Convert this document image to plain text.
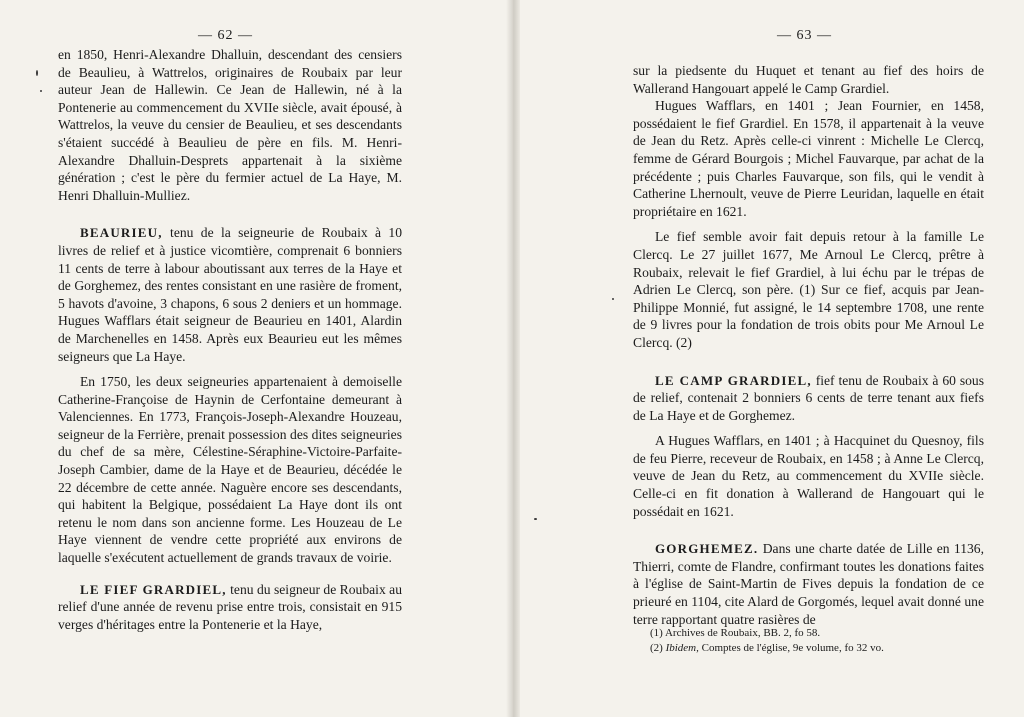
— 62 —

en 1850, Henri-Alexandre Dhalluin, descendant des censiers de Beaulieu, à Wattrelos, originaires de Roubaix par leur auteur Jean de Hallewin. Ce Jean de Hallewin, né à la Pontenerie au commencement du XVIIe siècle, avait épousé, à Wattrelos, la veuve du censier de Beaulieu, et ses descendants s'étaient succédé à Beaulieu de père en fils. M. Henri-Alexandre Dhalluin-Desprets appartenait à la sixième génération ; c'est le père du fermier actuel de La Haye, M. Henri Dhalluin-Mulliez.

BEAURIEU, tenu de la seigneurie de Roubaix à 10 livres de relief et à justice vicomtière, comprenait 6 bonniers 11 cents de terre à labour aboutissant aux terres de la Haye et de Gorghemez, des rentes consistant en une rasière de froment, 5 havots d'avoine, 3 chapons, 6 sous 2 deniers et un hommage. Hugues Wafflars était seigneur de Beaurieu en 1401, Alardin de Marchenelles en 1458. Après eux Beaurieu eut les mêmes seigneurs que La Haye.

En 1750, les deux seigneuries appartenaient à demoiselle Catherine-Françoise de Haynin de Cerfontaine demeurant à Valenciennes. En 1773, François-Joseph-Alexandre Houzeau, seigneur de la Ferrière, prenait possession des dites seigneuries du chef de sa mère, Célestine-Séraphine-Victoire-Parfaite-Joseph Cambier, dame de la Haye et de Beaurieu, décédée le 22 décembre de cette année. Naguère encore ses descendants, qui habitent la Belgique, possédaient La Haye dont ils ont retenu le nom dans son ancienne forme. Les Houzeau de Le Haye viennent de vendre cette propriété aux environs de laquelle s'exécutent actuellement de grands travaux de voirie.

LE FIEF GRARDIEL, tenu du seigneur de Roubaix au relief d'une année de revenu prise entre trois, consistait en 915 verges d'héritages entre la Pontenerie et la Haye,

— 63 —

sur la piedsente du Huquet et tenant au fief des hoirs de Wallerand Hangouart appelé le Camp Grardiel.

Hugues Wafflars, en 1401 ; Jean Fournier, en 1458, possédaient le fief Grardiel. En 1578, il appartenait à la veuve de Jean du Retz. Après celle-ci vinrent : Michelle Le Clercq, femme de Gérard Bourgois ; Michel Fauvarque, par achat de la précédente ; puis Charles Fauvarque, son fils, qui le vendit à Catherine Lhernoult, veuve de Pierre Leuridan, laquelle en était propriétaire en 1621.

Le fief semble avoir fait depuis retour à la famille Le Clercq. Le 27 juillet 1677, Me Arnoul Le Clercq, prêtre à Roubaix, relevait le fief Grardiel, à lui échu par le trépas de Adrien Le Clercq, son père. (1) Sur ce fief, acquis par Jean-Philippe Monnié, fut assigné, le 14 septembre 1708, une rente de 9 livres pour la fondation de trois obits pour Me Arnoul Le Clercq. (2)

LE CAMP GRARDIEL, fief tenu de Roubaix à 60 sous de relief, contenait 2 bonniers 6 cents de terre tenant aux fiefs de La Haye et de Gorghemez.

A Hugues Wafflars, en 1401 ; à Hacquinet du Quesnoy, fils de feu Pierre, receveur de Roubaix, en 1458 ; à Anne Le Clercq, veuve de Jean du Retz, au commencement du XVIIe siècle. Celle-ci en fit donation à Wallerand de Hangouart qui le possédait en 1621.

GORGHEMEZ. Dans une charte datée de Lille en 1136, Thierri, comte de Flandre, confirmant toutes les donations faites à l'église de Saint-Martin de Fives depuis la fondation de ce prieuré en 1104, cite Alard de Gorgomés, lequel avait donné une terre rapportant quatre rasières de

(1) Archives de Roubaix, BB. 2, fo 58.
(2) Ibidem, Comptes de l'église, 9e volume, fo 32 vo.
